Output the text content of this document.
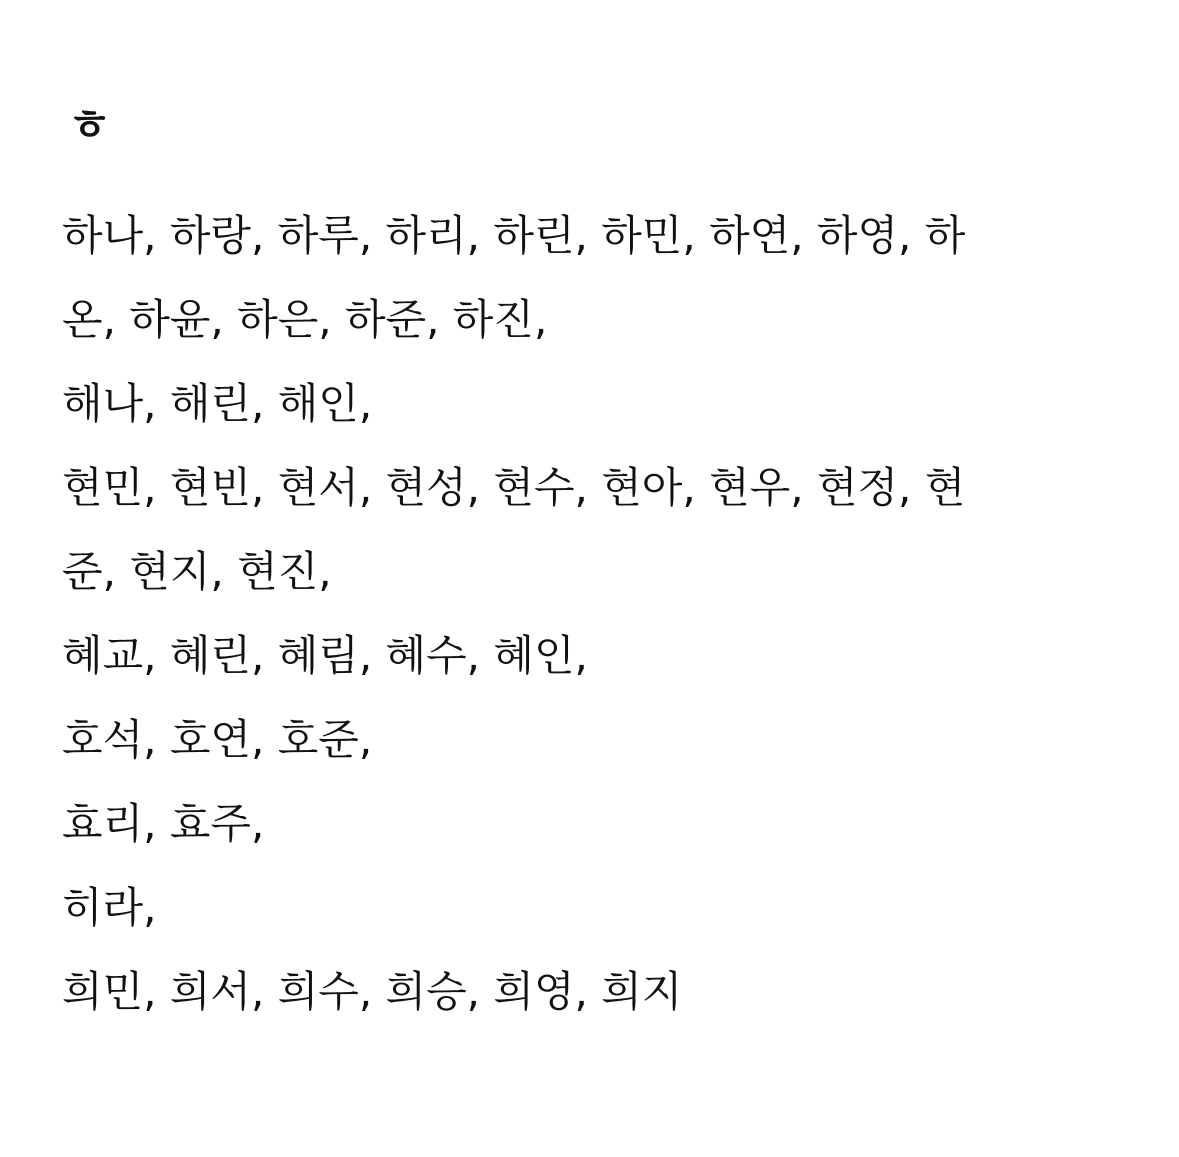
ㅎ

하나, 하랑, 하루, 하리, 하린, 하민, 하연, 하영, 하
온, 하윤, 하은, 하준, 하진,

해나, 해린, 해인,

현민, 현빈, 현서, 현성, 현수, 현아, 현우, 현정, 현
준, 현지, 현진,

혜교, 혜린, 혜림, 혜수, 혜인,

호석, 호연, 호준,

효리, 효주,

히라,

희민, 희서, 희수, 희승, 희영, 희지
